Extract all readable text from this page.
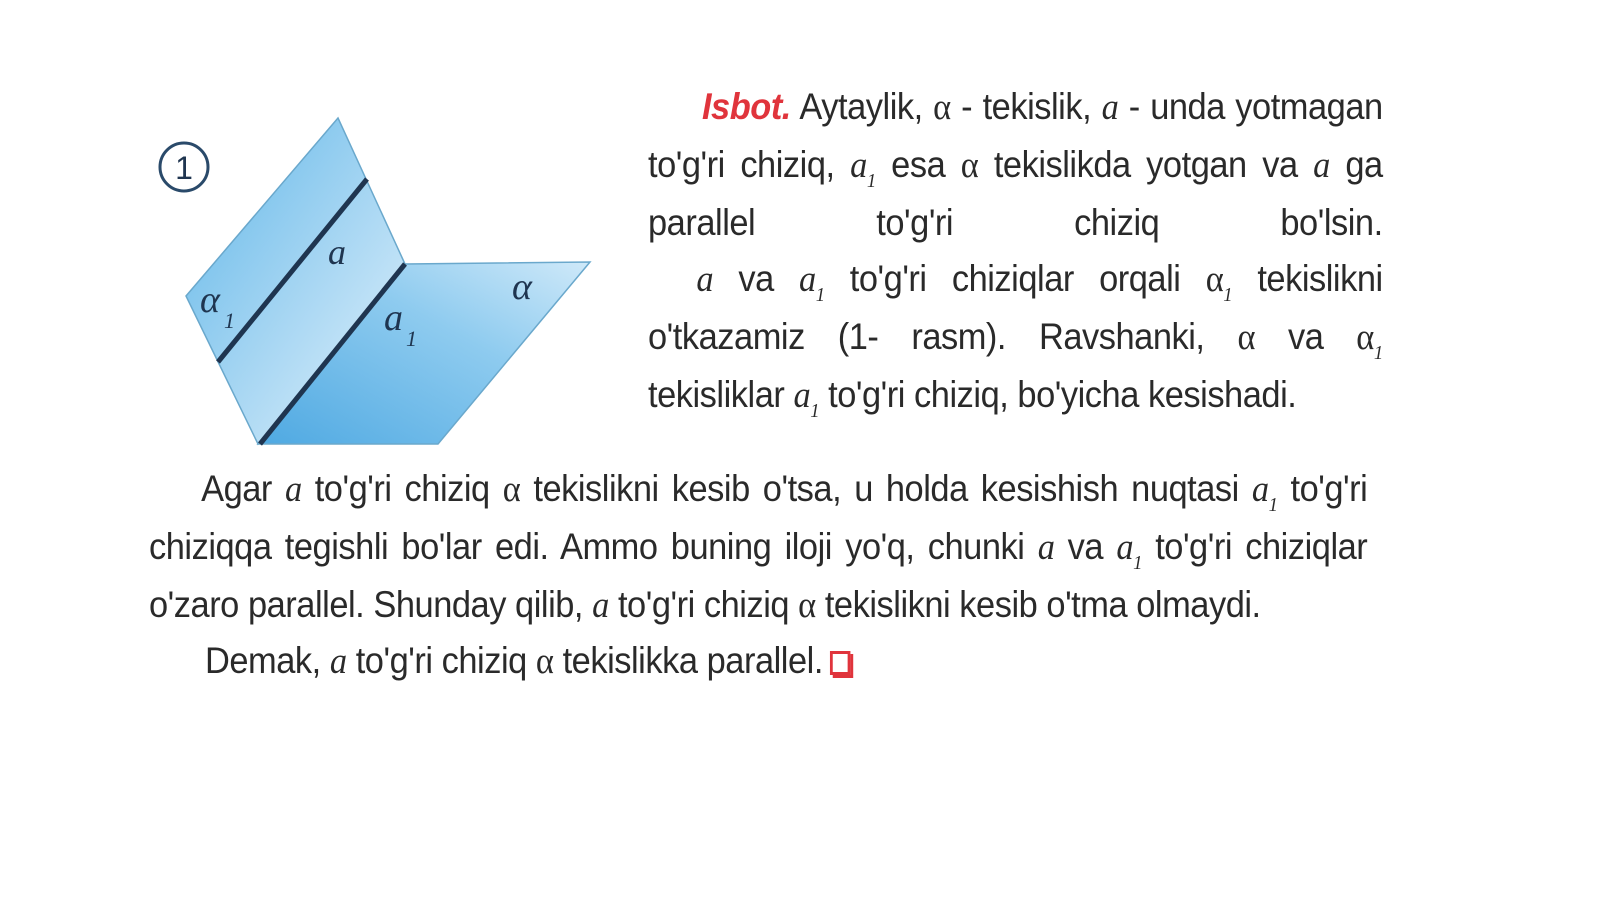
1
a
a 1
α
α 1
Isbot. Aytaylik, α - tekislik, a - unda yotmagan to'g'ri chiziq, $a_1$ esa α tekislikda yotgan va a ga parallel to'g'ri chiziq bo'lsin.
a va $a_1$ to'g'ri chiziqlar orqali $\alpha_1$ tekislikni o'tkazamiz (1- rasm). Ravshanki, α va $\alpha_1$ tekisliklar $a_1$ to'g'ri chiziq, bo'yicha kesishadi.
Agar a to'g'ri chiziq α tekislikni kesib o'tsa, u holda kesishish nuqtasi $a_1$ to'g'ri chiziqqa tegishli bo'lar edi. Ammo buning iloji yo'q, chunki a va $a_1$ to'g'ri chiziqlar o'zaro parallel. Shunday qilib, a to'g'ri chiziq α tekislikni kesib o'tma olmaydi.
Demak, a to'g'ri chiziq α tekislikka parallel.
